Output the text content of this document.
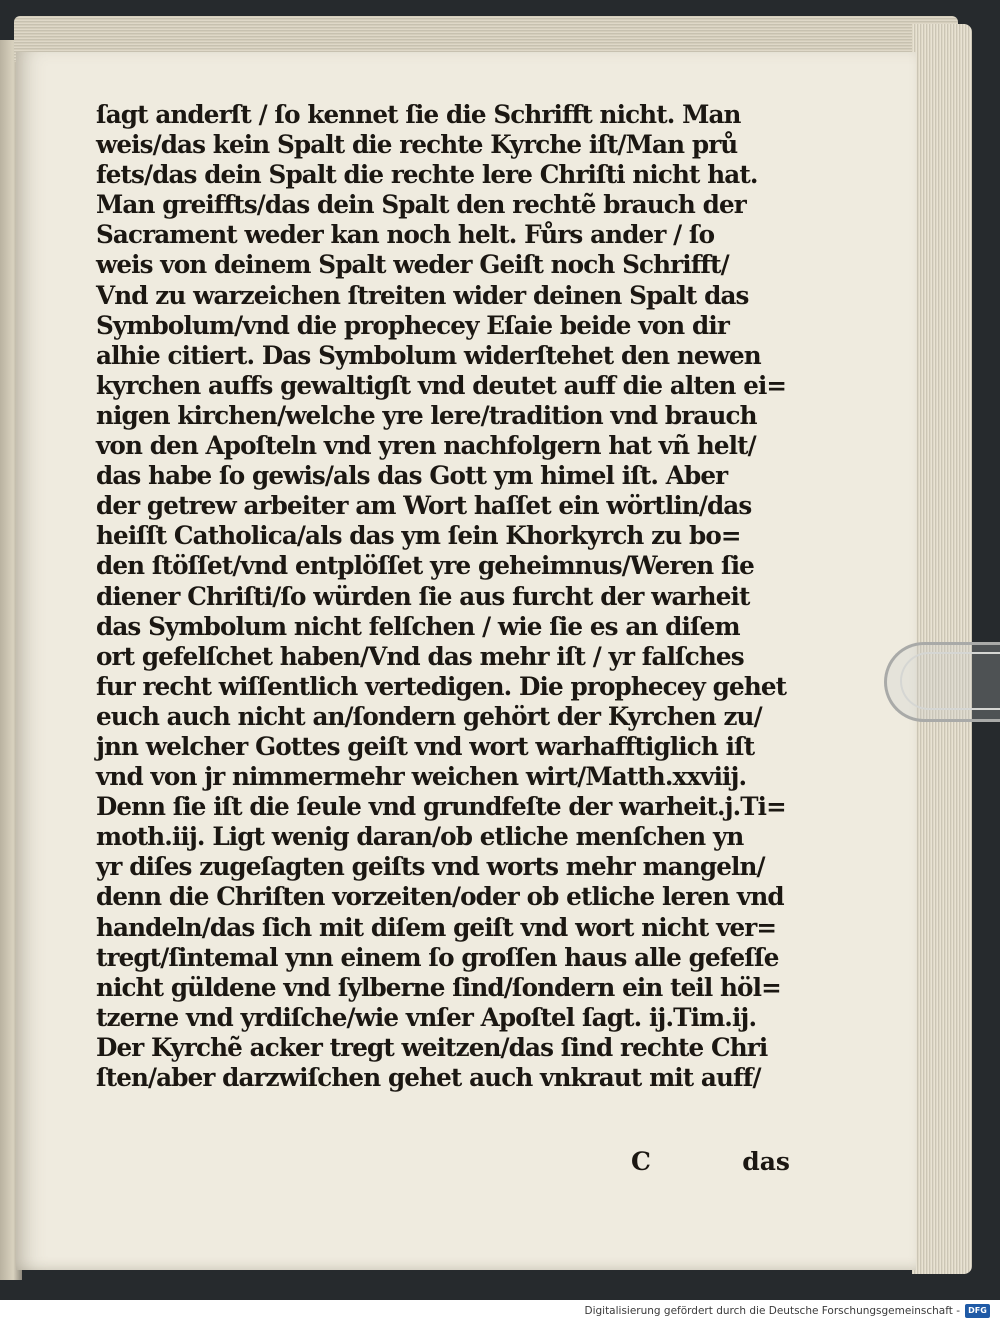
ſagt anderſt / ſo kennet ſie die Schrifft nicht. Man
weis/das kein Spalt die rechte Kyrche iſt/Man prů
fets/das dein Spalt die rechte lere Chriſti nicht hat.
Man greiffts/das dein Spalt den rechtẽ brauch der
Sacrament weder kan noch helt. Fůrs ander / ſo
weis von deinem Spalt weder Geiſt noch Schrifft/
Vnd zu warzeichen ſtreiten wider deinen Spalt das
Symbolum/vnd die prophecey Eſaie beide von dir
alhie citiert. Das Symbolum widerſtehet den newen
kyrchen auffs gewaltigſt vnd deutet auff die alten ei=
nigen kirchen/welche yre lere/tradition vnd brauch
von den Apoſteln vnd yren nachfolgern hat vñ helt/
das habe ſo gewis/als das Gott ym himel iſt. Aber
der getrew arbeiter am Wort haſſet ein wörtlin/das
heiſſt Catholica/als das ym ſein Khorkyrch zu bo=
den ſtöſſet/vnd entplöſſet yre geheimnus/Weren ſie
diener Chriſti/ſo würden ſie aus furcht der warheit
das Symbolum nicht felſchen / wie ſie es an diſem
ort gefelſchet haben/Vnd das mehr iſt / yr falſches
fur recht wiſſentlich vertedigen. Die prophecey gehet
euch auch nicht an/ſondern gehört der Kyrchen zu/
jnn welcher Gottes geiſt vnd wort warhafftiglich iſt
vnd von jr nimmermehr weichen wirt/Matth.xxviij.
Denn ſie iſt die ſeule vnd grundfeſte der warheit.j.Ti=
moth.iij. Ligt wenig daran/ob etliche menſchen yn
yr diſes zugeſagten geiſts vnd worts mehr mangeln/
denn die Chriſten vorzeiten/oder ob etliche leren vnd
handeln/das ſich mit diſem geiſt vnd wort nicht ver=
tregt/ſintemal ynn einem ſo groſſen haus alle gefeſſe
nicht güldene vnd ſylberne ſind/ſondern ein teil höl=
tzerne vnd yrdiſche/wie vnſer Apoſtel ſagt. ij.Tim.ij.
Der Kyrchẽ acker tregt weitzen/das ſind rechte Chri
ſten/aber darzwiſchen gehet auch vnkraut mit auff/
C	das
Digitalisierung gefördert durch die Deutsche Forschungsgemeinschaft -	DFG
